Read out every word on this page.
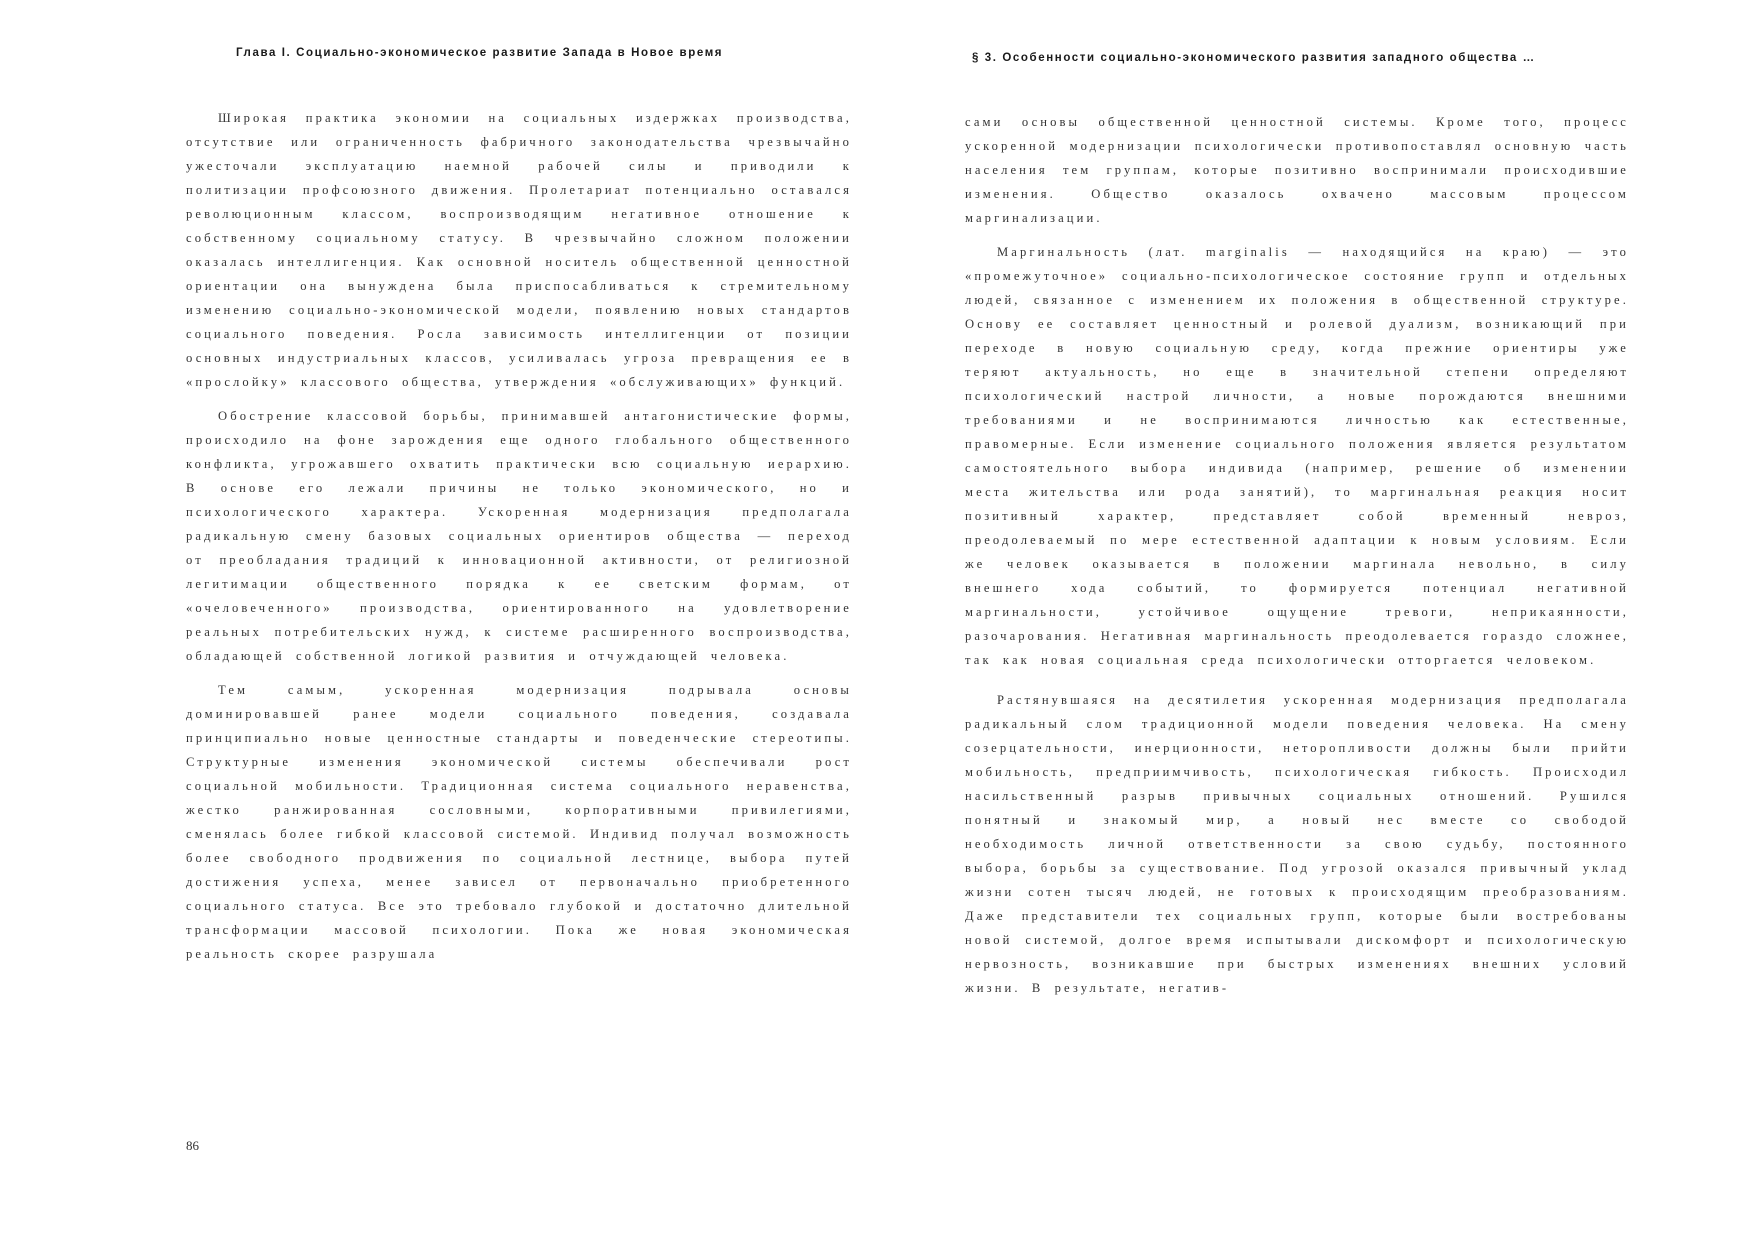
Глава I. Социально-экономическое развитие Запада в Новое время

Широкая практика экономии на социальных издержках производства, отсутствие или ограниченность фабричного законодательства чрезвычайно ужесточали эксплуатацию наемной рабочей силы и приводили к политизации профсоюзного движения. Пролетариат потенциально оставался революционным классом, воспроизводящим негативное отношение к собственному социальному статусу. В чрезвычайно сложном положении оказалась интеллигенция. Как основной носитель общественной ценностной ориентации она вынуждена была приспосабливаться к стремительному изменению социально-экономической модели, появлению новых стандартов социального поведения. Росла зависимость интеллигенции от позиции основных индустриальных классов, усиливалась угроза превращения ее в «прослойку» классового общества, утверждения «обслуживающих» функций.

Обострение классовой борьбы, принимавшей антагонистические формы, происходило на фоне зарождения еще одного глобального общественного конфликта, угрожавшего охватить практически всю социальную иерархию. В основе его лежали причины не только экономического, но и психологического характера. Ускоренная модернизация предполагала радикальную смену базовых социальных ориентиров общества — переход от преобладания традиций к инновационной активности, от религиозной легитимации общественного порядка к ее светским формам, от «очеловеченного» производства, ориентированного на удовлетворение реальных потребительских нужд, к системе расширенного воспроизводства, обладающей собственной логикой развития и отчуждающей человека.

Тем самым, ускоренная модернизация подрывала основы доминировавшей ранее модели социального поведения, создавала принципиально новые ценностные стандарты и поведенческие стереотипы. Структурные изменения экономической системы обеспечивали рост социальной мобильности. Традиционная система социального неравенства, жестко ранжированная сословными, корпоративными привилегиями, сменялась более гибкой классовой системой. Индивид получал возможность более свободного продвижения по социальной лестнице, выбора путей достижения успеха, менее зависел от первоначально приобретенного социального статуса. Все это требовало глубокой и достаточно длительной трансформации массовой психологии. Пока же новая экономическая реальность скорее разрушала

86
§ 3. Особенности социально-экономического развития западного общества …

сами основы общественной ценностной системы. Кроме того, процесс ускоренной модернизации психологически противопоставлял основную часть населения тем группам, которые позитивно воспринимали происходившие изменения. Общество оказалось охвачено массовым процессом маргинализации.

Маргинальность (лат. marginalis — находящийся на краю) — это «промежуточное» социально-психологическое состояние групп и отдельных людей, связанное с изменением их положения в общественной структуре. Основу ее составляет ценностный и ролевой дуализм, возникающий при переходе в новую социальную среду, когда прежние ориентиры уже теряют актуальность, но еще в значительной степени определяют психологический настрой личности, а новые порождаются внешними требованиями и не воспринимаются личностью как естественные, правомерные. Если изменение социального положения является результатом самостоятельного выбора индивида (например, решение об изменении места жительства или рода занятий), то маргинальная реакция носит позитивный характер, представляет собой временный невроз, преодолеваемый по мере естественной адаптации к новым условиям. Если же человек оказывается в положении маргинала невольно, в силу внешнего хода событий, то формируется потенциал негативной маргинальности, устойчивое ощущение тревоги, неприкаянности, разочарования. Негативная маргинальность преодолевается гораздо сложнее, так как новая социальная среда психологически отторгается человеком.

Растянувшаяся на десятилетия ускоренная модернизация предполагала радикальный слом традиционной модели поведения человека. На смену созерцательности, инерционности, неторопливости должны были прийти мобильность, предприимчивость, психологическая гибкость. Происходил насильственный разрыв привычных социальных отношений. Рушился понятный и знакомый мир, а новый нес вместе со свободой необходимость личной ответственности за свою судьбу, постоянного выбора, борьбы за существование. Под угрозой оказался привычный уклад жизни сотен тысяч людей, не готовых к происходящим преобразованиям. Даже представители тех социальных групп, которые были востребованы новой системой, долгое время испытывали дискомфорт и психологическую нервозность, возникавшие при быстрых изменениях внешних условий жизни. В результате, негатив-
